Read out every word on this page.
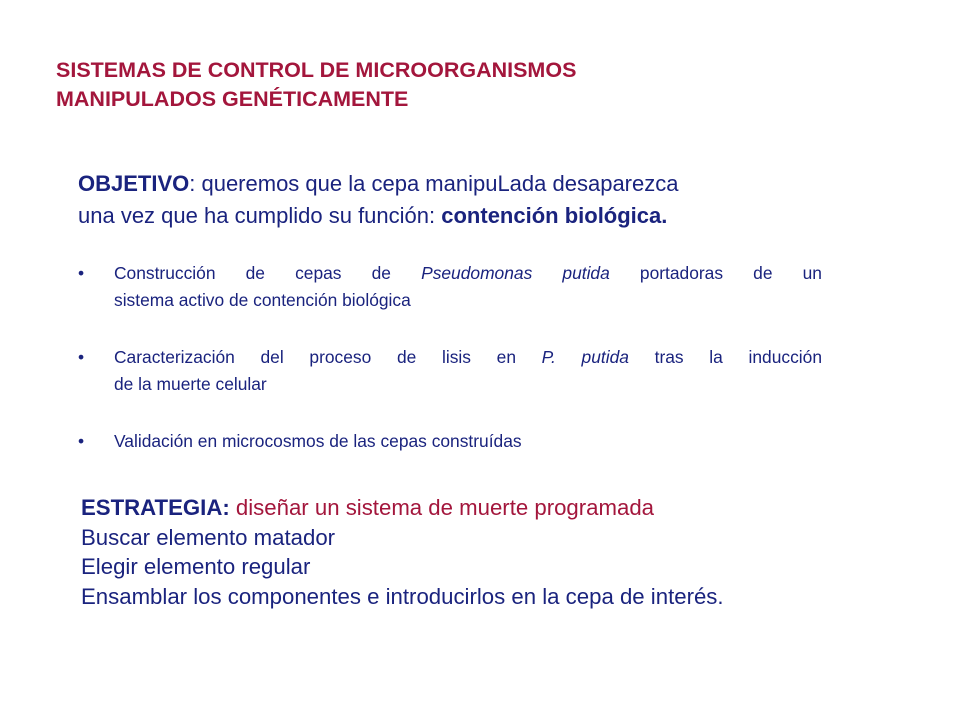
SISTEMAS DE CONTROL DE MICROORGANISMOS
MANIPULADOS GENÉTICAMENTE
OBJETIVO: queremos que la cepa manipuLada desaparezca
una vez que ha cumplido su función: contención biológica.
• Construcción de cepas de Pseudomonas putida portadoras de un
sistema activo de contención biológica
• Caracterización del proceso de lisis en P. putida tras la inducción
de la muerte celular
• Validación en microcosmos de las cepas construídas
ESTRATEGIA: diseñar un sistema de muerte programada
Buscar elemento matador
Elegir elemento regular
Ensamblar los componentes e introducirlos en la cepa de interés.
